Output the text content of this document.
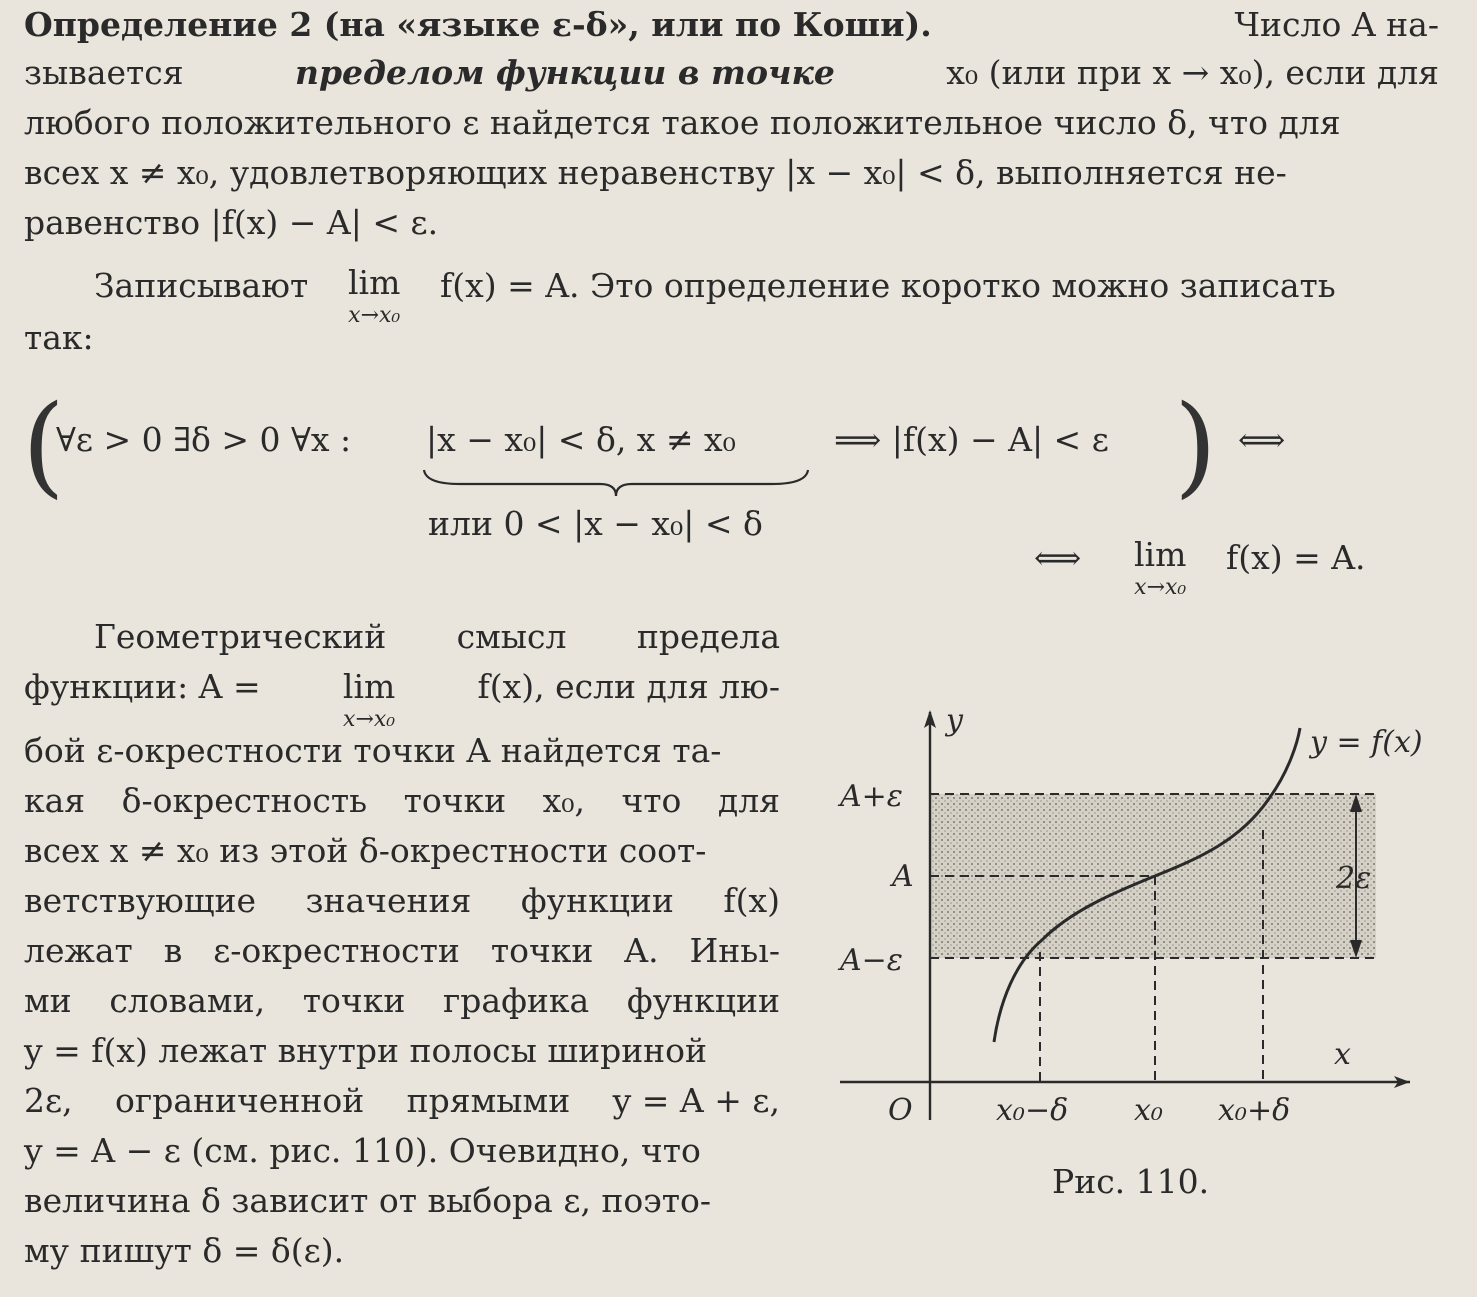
Определение 2 (на «языке ε-δ», или по Коши).	Число A на-
зывается	пределом функции в точке	x₀ (или при x → x₀), если для
любого положительного ε найдется такое положительное число δ, что для
всех x ≠ x₀, удовлетворяющих неравенству |x − x₀| < δ, выполняется не-
равенство |f(x) − A| < ε.
Записывают lim
x→x₀
f(x) = A. Это определение коротко можно записать
так:
(
∀ε > 0 ∃δ > 0 ∀x : |x − x₀| < δ, x ≠ x₀	⟹ |f(x) − A| < ε ) ⟺
или 0 < |x − x₀| < δ
⟺ lim
x→x₀
f(x) = A.
Геометрический смысл предела
функции: A = lim
x→x₀
f(x), если для лю-
бой ε-окрестности точки A найдется та-
кая δ-окрестность точки x₀, что для
всех x ≠ x₀ из этой δ-окрестности соот-
ветствующие значения функции f(x)
лежат в ε-окрестности точки A. Иньı-
ми словами, точки графика функции
y = f(x) лежат внутри полосы шириной
2ε, ограниченной прямыми y = A + ε,
y = A − ε (см. рис. 110). Очевидно, что
величина δ зависит от выбора ε, поэто-
му пишут δ = δ(ε).
y
x
O
y = f(x)
A+ε
A
A−ε
x₀−δ x₀ x₀+δ
2ε
Рис. 110.
